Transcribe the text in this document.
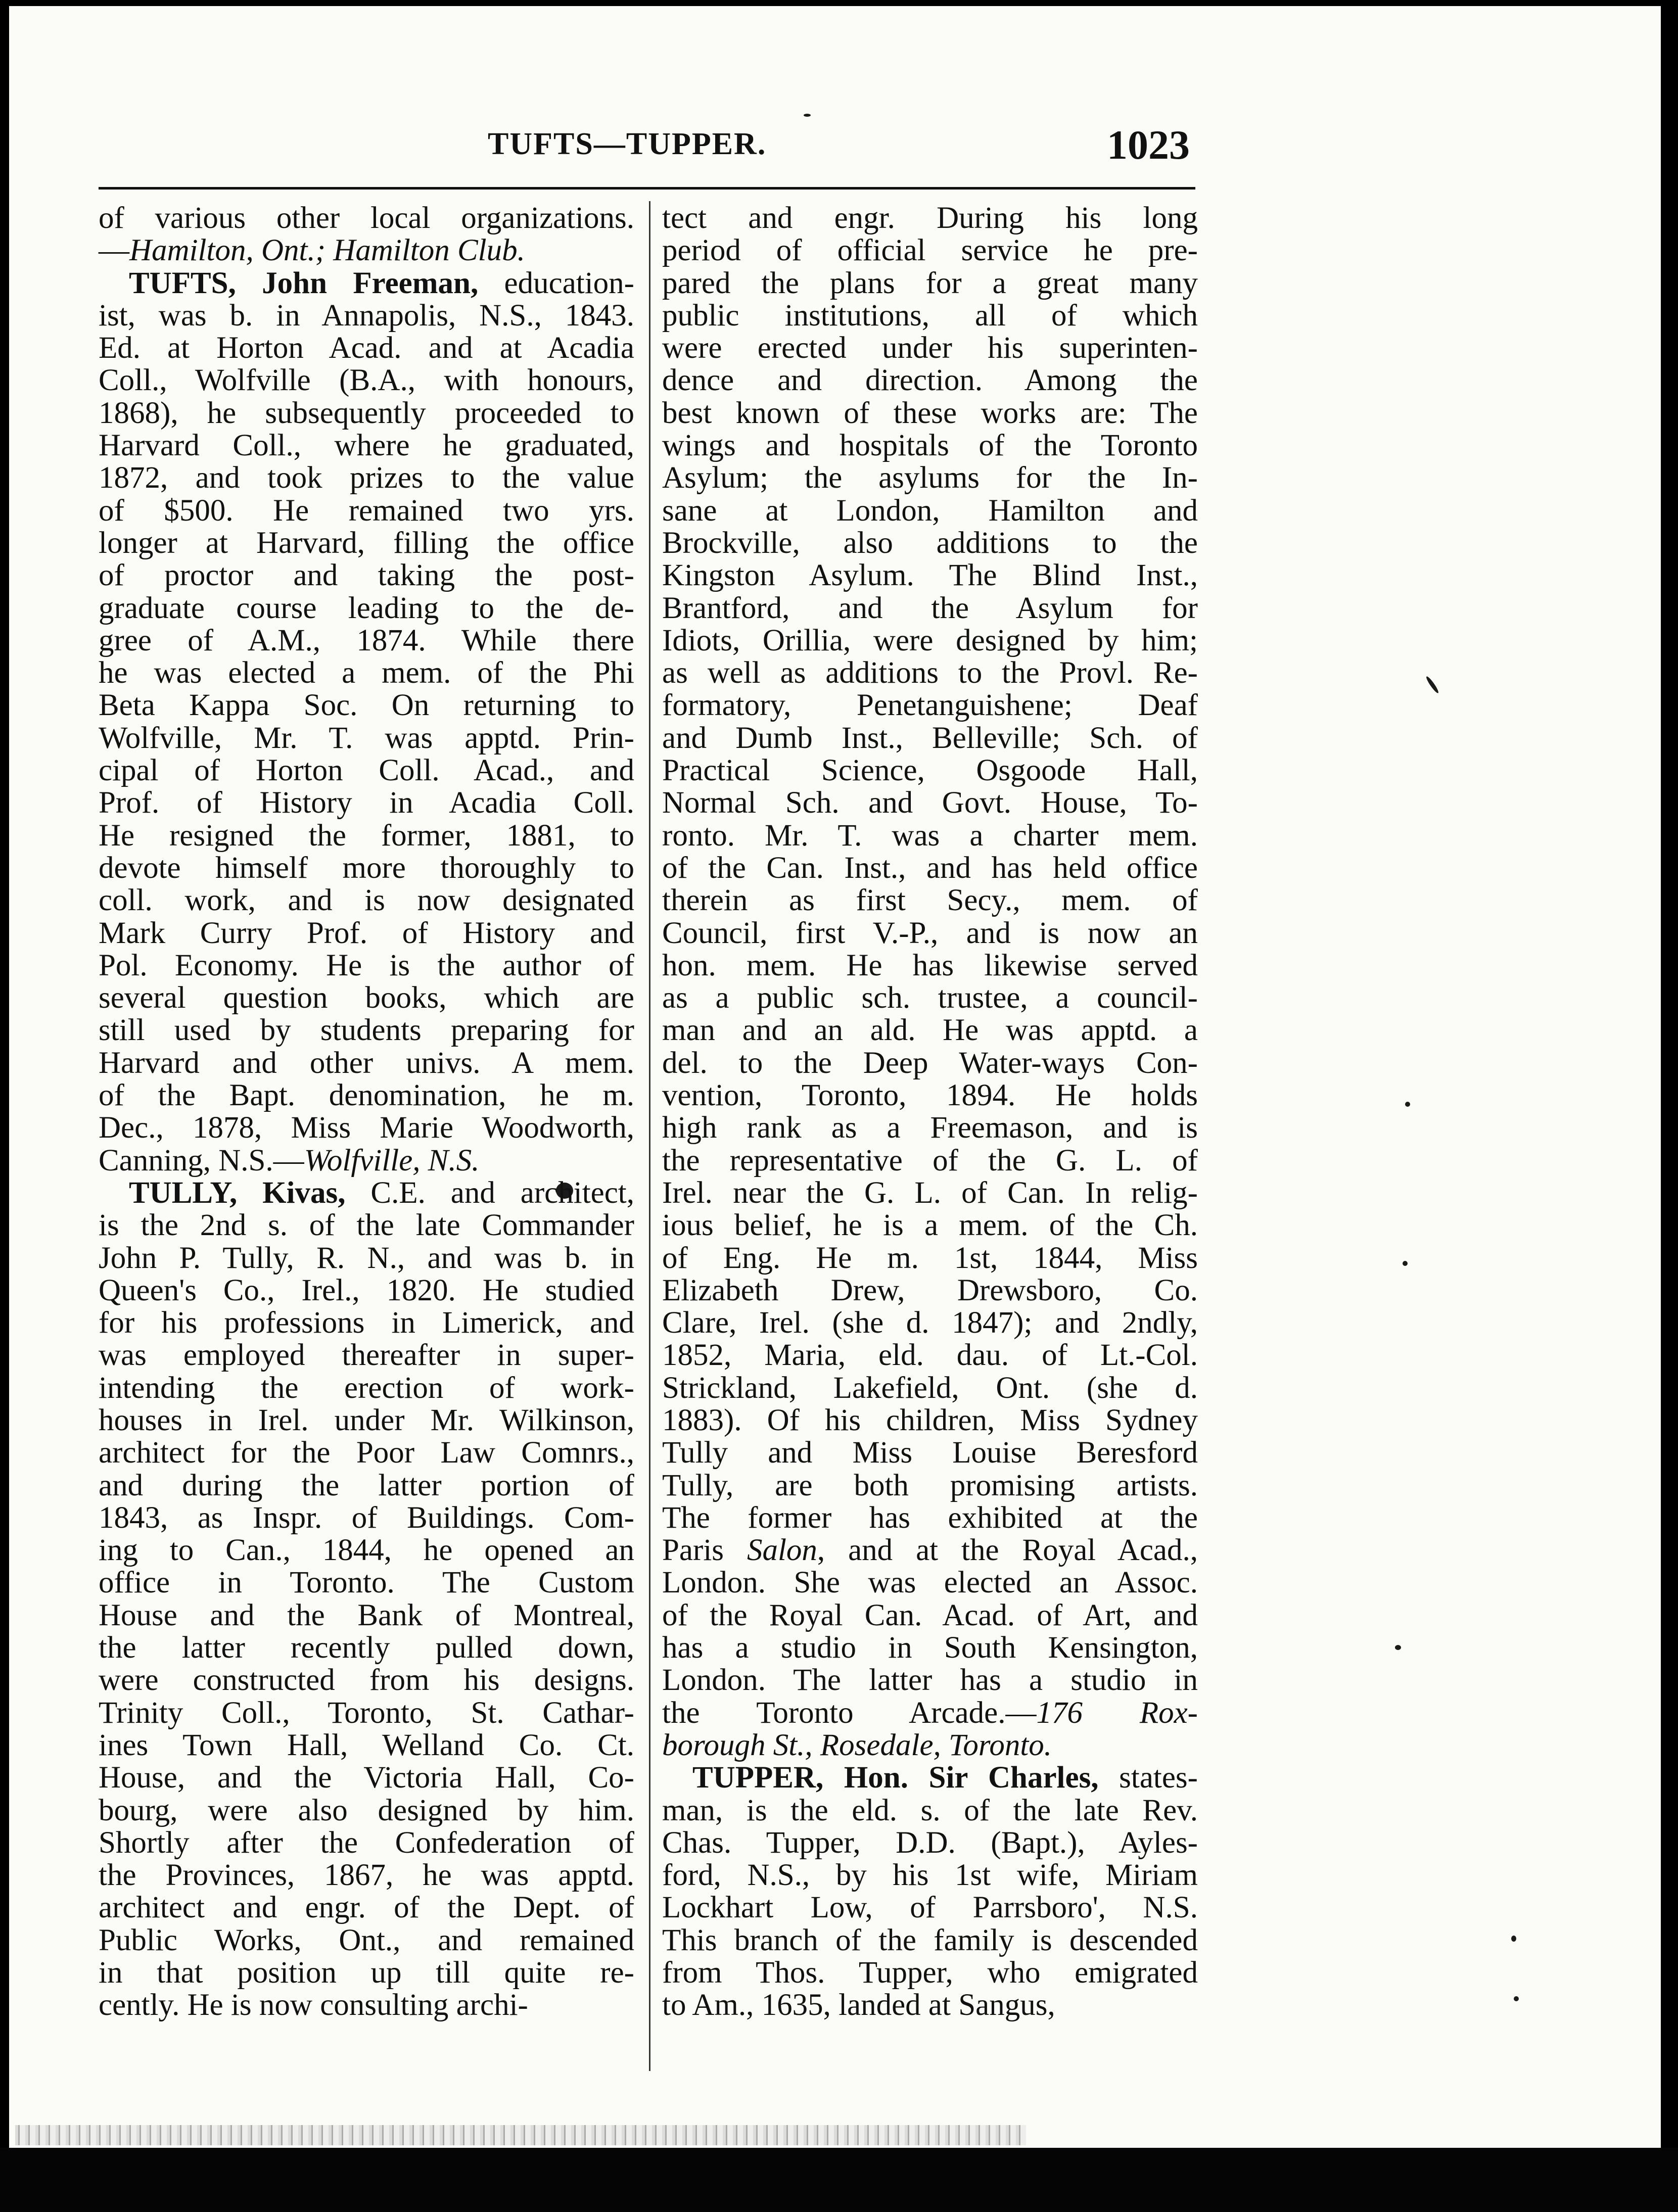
TUFTS—TUPPER.	1023
of various other local organizations.
—Hamilton, Ont.; Hamilton Club.
TUFTS, John Freeman, education-
ist, was b. in Annapolis, N.S., 1843.
Ed. at Horton Acad. and at Acadia
Coll., Wolfville (B.A., with honours,
1868), he subsequently proceeded to
Harvard Coll., where he graduated,
1872, and took prizes to the value
of $500. He remained two yrs.
longer at Harvard, filling the office
of proctor and taking the post-
graduate course leading to the de-
gree of A.M., 1874. While there
he was elected a mem. of the Phi
Beta Kappa Soc. On returning to
Wolfville, Mr. T. was apptd. Prin-
cipal of Horton Coll. Acad., and
Prof. of History in Acadia Coll.
He resigned the former, 1881, to
devote himself more thoroughly to
coll. work, and is now designated
Mark Curry Prof. of History and
Pol. Economy. He is the author of
several question books, which are
still used by students preparing for
Harvard and other univs. A mem.
of the Bapt. denomination, he m.
Dec., 1878, Miss Marie Woodworth,
Canning, N.S.—Wolfville, N.S.
TULLY, Kivas, C.E. and architect,
is the 2nd s. of the late Commander
John P. Tully, R. N., and was b. in
Queen's Co., Irel., 1820. He studied
for his professions in Limerick, and
was employed thereafter in super-
intending the erection of work-
houses in Irel. under Mr. Wilkinson,
architect for the Poor Law Comnrs.,
and during the latter portion of
1843, as Inspr. of Buildings. Com-
ing to Can., 1844, he opened an
office in Toronto. The Custom
House and the Bank of Montreal,
the latter recently pulled down,
were constructed from his designs.
Trinity Coll., Toronto, St. Cathar-
ines Town Hall, Welland Co. Ct.
House, and the Victoria Hall, Co-
bourg, were also designed by him.
Shortly after the Confederation of
the Provinces, 1867, he was apptd.
architect and engr. of the Dept. of
Public Works, Ont., and remained
in that position up till quite re-
cently. He is now consulting archi-
tect and engr. During his long
period of official service he pre-
pared the plans for a great many
public institutions, all of which
were erected under his superinten-
dence and direction. Among the
best known of these works are: The
wings and hospitals of the Toronto
Asylum; the asylums for the In-
sane at London, Hamilton and
Brockville, also additions to the
Kingston Asylum. The Blind Inst.,
Brantford, and the Asylum for
Idiots, Orillia, were designed by him;
as well as additions to the Provl. Re-
formatory, Penetanguishene; Deaf
and Dumb Inst., Belleville; Sch. of
Practical Science, Osgoode Hall,
Normal Sch. and Govt. House, To-
ronto. Mr. T. was a charter mem.
of the Can. Inst., and has held office
therein as first Secy., mem. of
Council, first V.-P., and is now an
hon. mem. He has likewise served
as a public sch. trustee, a council-
man and an ald. He was apptd. a
del. to the Deep Water-ways Con-
vention, Toronto, 1894. He holds
high rank as a Freemason, and is
the representative of the G. L. of
Irel. near the G. L. of Can. In relig-
ious belief, he is a mem. of the Ch.
of Eng. He m. 1st, 1844, Miss
Elizabeth Drew, Drewsboro, Co.
Clare, Irel. (she d. 1847); and 2ndly,
1852, Maria, eld. dau. of Lt.-Col.
Strickland, Lakefield, Ont. (she d.
1883). Of his children, Miss Sydney
Tully and Miss Louise Beresford
Tully, are both promising artists.
The former has exhibited at the
Paris Salon, and at the Royal Acad.,
London. She was elected an Assoc.
of the Royal Can. Acad. of Art, and
has a studio in South Kensington,
London. The latter has a studio in
the Toronto Arcade.—176 Rox-
borough St., Rosedale, Toronto.
TUPPER, Hon. Sir Charles, states-
man, is the eld. s. of the late Rev.
Chas. Tupper, D.D. (Bapt.), Ayles-
ford, N.S., by his 1st wife, Miriam
Lockhart Low, of Parrsboro', N.S.
This branch of the family is descended
from Thos. Tupper, who emigrated
to Am., 1635, landed at Sangus,
